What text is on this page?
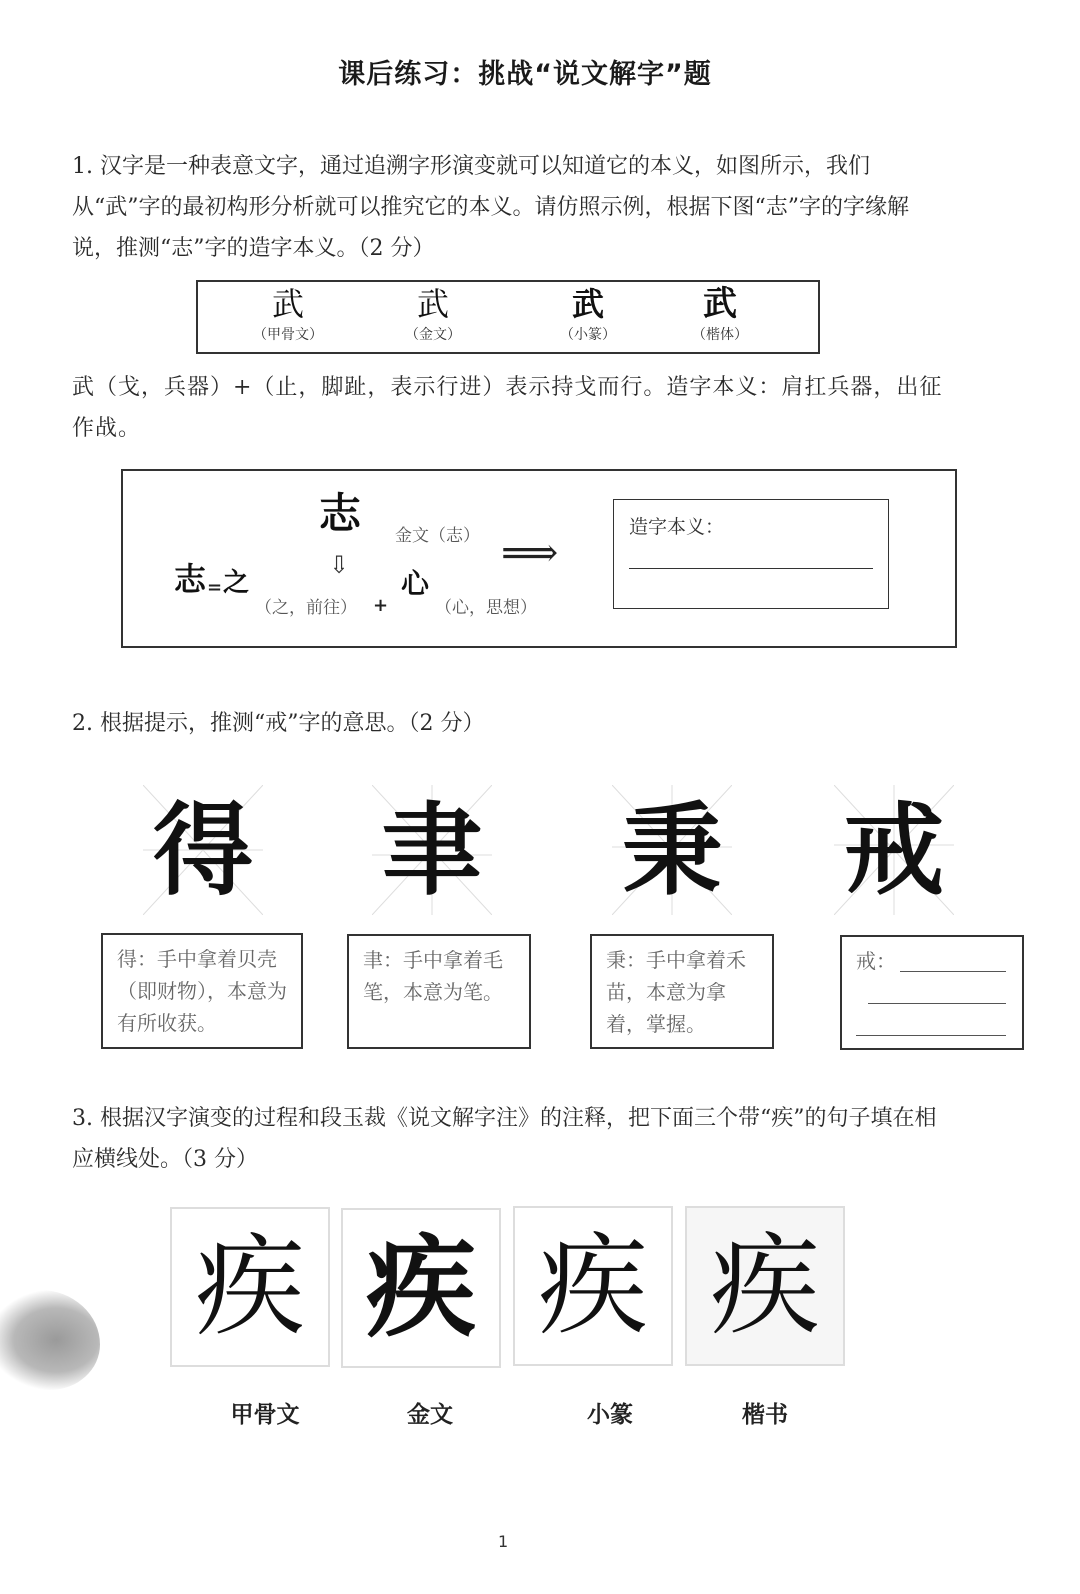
课后练习：挑战“说文解字”题
1. 汉字是一种表意文字，通过追溯字形演变就可以知道它的本义，如图所示，我们从“武”字的最初构形分析就可以推究它的本义。请仿照示例，根据下图“志”字的字缘解说，推测“志”字的造字本义。（2 分）
武
（甲骨文）
武
（金文）
武
（小篆）
武
（楷体）
武（戈，兵器）+（止，脚趾，表示行进）表示持戈而行。造字本义：肩扛兵器，出征作战。
志 金文（志）
⇩
志 = 之
（之，前往） +
心
（心，思想）
⟹
造字本义：
2. 根据提示，推测“戒”字的意思。（2 分）
得 聿 秉 戒
得：手中拿着贝壳（即财物），本意为有所收获。
聿：手中拿着毛笔，本意为笔。
秉：手中拿着禾苗，本意为拿着，掌握。
戒：
3. 根据汉字演变的过程和段玉裁《说文解字注》的注释，把下面三个带“疾”的句子填在相应横线处。（3 分）
疾 疾 疾 疾
甲骨文	金文	小篆	楷书
1
